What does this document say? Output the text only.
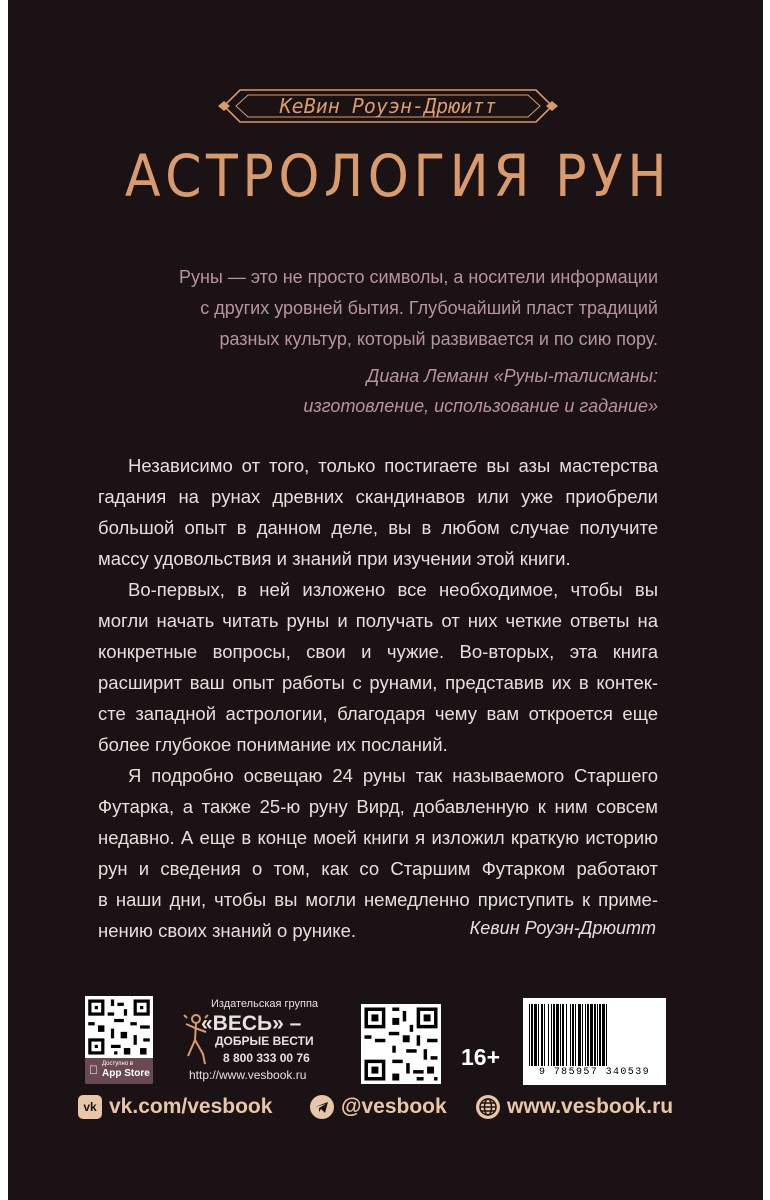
КеВин Роуэн-Дрюитт
АСТРОЛОГИЯ РУН
Руны — это не просто символы, а носители информации
с других уровней бытия. Глубочайший пласт традиций
разных культур, который развивается и по сию пору.
Диана Леманн «Руны-талисманы:
изготовление, использование и гадание»
Независимо от того, только постигаете вы азы мастерства
гадания на рунах древних скандинавов или уже приобрели
большой опыт в данном деле, вы в любом случае получите
массу удовольствия и знаний при изучении этой книги.
Во-первых, в ней изложено все необходимое, чтобы вы
могли начать читать руны и получать от них четкие ответы на
конкретные вопросы, свои и чужие. Во-вторых, эта книга
расширит ваш опыт работы с рунами, представив их в контек-
сте западной астрологии, благодаря чему вам откроется еще
более глубокое понимание их посланий.
Я подробно освещаю 24 руны так называемого Старшего
Футарка, а также 25-ю руну Вирд, добавленную к ним совсем
недавно. А еще в конце моей книги я изложил краткую историю
рун и сведения о том, как со Старшим Футарком работают
в наши дни, чтобы вы могли немедленно приступить к приме-
нению своих знаний о рунике.	Кевин Роуэн-Дрюитт
Доступно в
App Store
Издательская группа
«ВЕСЬ» –
ДОБРЫЕ ВЕСТИ
8 800 333 00 76
http://www.vesbook.ru
16+
9 785957 340539
vk vk.com/vesbook	@vesbook	www.vesbook.ru
